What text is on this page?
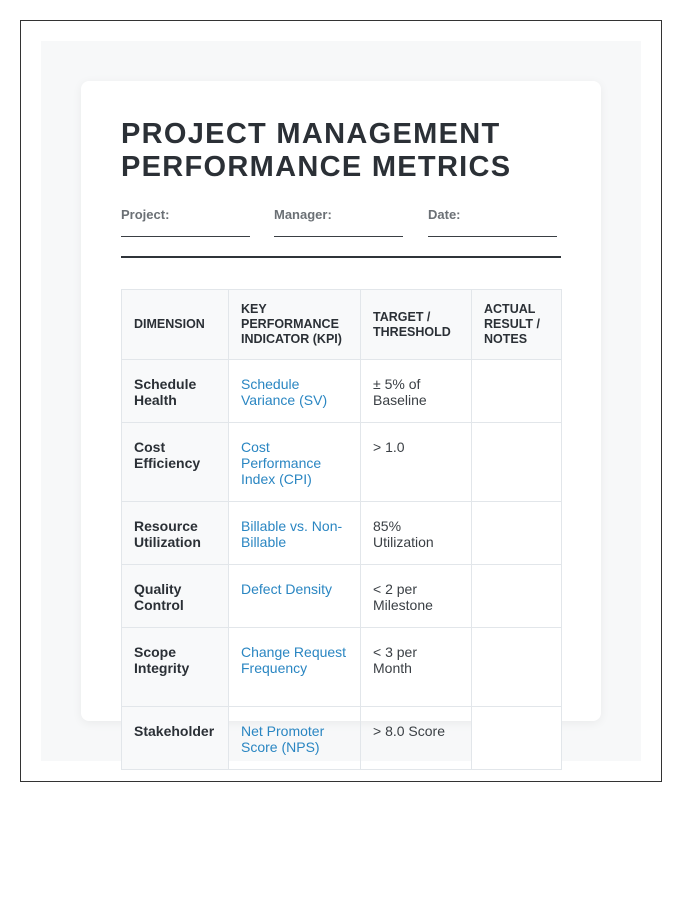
PROJECT MANAGEMENT PERFORMANCE METRICS
Project:	Manager:	Date:
DIMENSION	KEY PERFORMANCE INDICATOR (KPI)	TARGET / THRESHOLD	ACTUAL RESULT / NOTES
Schedule Health	Schedule Variance (SV)	± 5% of Baseline	
Cost Efficiency	Cost Performance Index (CPI)	> 1.0	
Resource Utilization	Billable vs. Non-Billable	85% Utilization	
Quality Control	Defect Density	< 2 per Milestone	
Scope Integrity	Change Request Frequency	< 3 per Month	
Stakeholder	Net Promoter Score (NPS)	> 8.0 Score	
